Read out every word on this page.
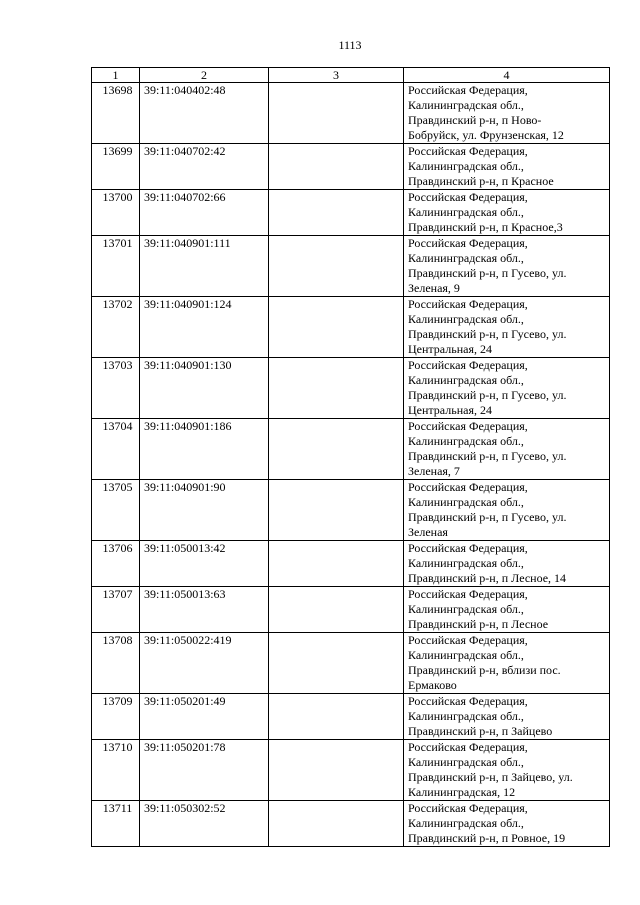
1113
1	2	3	4
13698	39:11:040402:48		Российская Федерация,
Калининградская обл.,
Правдинский р-н, п Ново-
Бобруйск, ул. Фрунзенская, 12
13699	39:11:040702:42		Российская Федерация,
Калининградская обл.,
Правдинский р-н, п Красное
13700	39:11:040702:66		Российская Федерация,
Калининградская обл.,
Правдинский р-н, п Красное,3
13701	39:11:040901:111		Российская Федерация,
Калининградская обл.,
Правдинский р-н, п Гусево, ул.
Зеленая, 9
13702	39:11:040901:124		Российская Федерация,
Калининградская обл.,
Правдинский р-н, п Гусево, ул.
Центральная, 24
13703	39:11:040901:130		Российская Федерация,
Калининградская обл.,
Правдинский р-н, п Гусево, ул.
Центральная, 24
13704	39:11:040901:186		Российская Федерация,
Калининградская обл.,
Правдинский р-н, п Гусево, ул.
Зеленая, 7
13705	39:11:040901:90		Российская Федерация,
Калининградская обл.,
Правдинский р-н, п Гусево, ул.
Зеленая
13706	39:11:050013:42		Российская Федерация,
Калининградская обл.,
Правдинский р-н, п Лесное, 14
13707	39:11:050013:63		Российская Федерация,
Калининградская обл.,
Правдинский р-н, п Лесное
13708	39:11:050022:419		Российская Федерация,
Калининградская обл.,
Правдинский р-н, вблизи пос.
Ермаково
13709	39:11:050201:49		Российская Федерация,
Калининградская обл.,
Правдинский р-н, п Зайцево
13710	39:11:050201:78		Российская Федерация,
Калининградская обл.,
Правдинский р-н, п Зайцево, ул.
Калининградская, 12
13711	39:11:050302:52		Российская Федерация,
Калининградская обл.,
Правдинский р-н, п Ровное, 19
